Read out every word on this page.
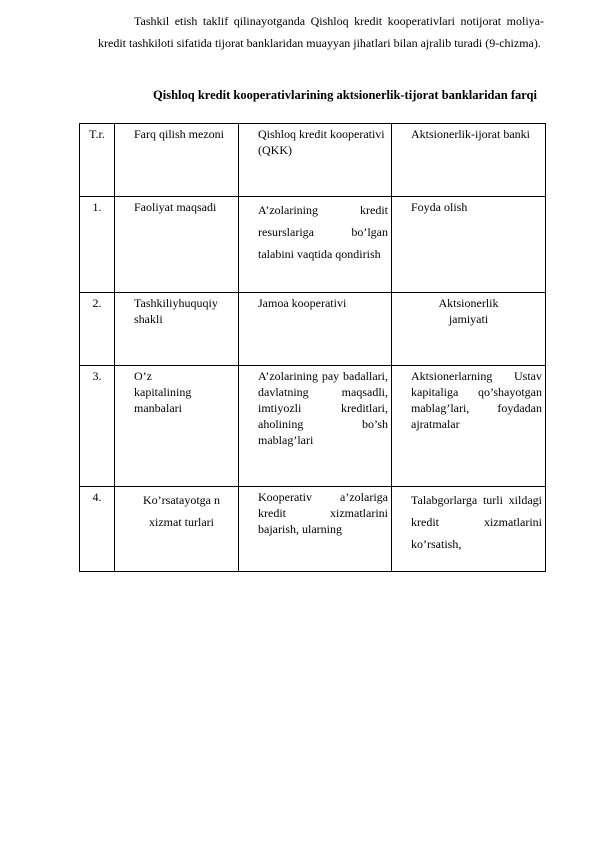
Tashkil etish taklif qilinayotganda Qishloq kredit kooperativlari notijorat moliya-kredit tashkiloti sifatida tijorat banklaridan muayyan jihatlari bilan ajralib turadi (9-chizma).

Qishloq kredit kooperativlarining aktsionerlik-tijorat banklaridan farqi

T.r.	Farq qilish mezoni	Qishloq kredit kooperativi (QKK)	Aktsionerlik-ijorat banki

1.	Faoliyat maqsadi	A’zolarining kredit resurslariga bo’lgan talabini vaqtida qondirish	Foyda olish

2.	Tashkiliyhuquqiy shakli	Jamoa kooperativi	Aktsionerlik jamiyati

3.	O’z kapitalining manbalari	A’zolarining pay badallari, davlatning maqsadli, imtiyozli kreditlari, aholining bo’sh mablag’lari	Aktsionerlarning Ustav kapitaliga qo’shayotgan mablag’lari, foydadan ajratmalar

4.	Ko’rsatayotga n xizmat turlari	Kooperativ a’zolariga kredit xizmatlarini bajarish, ularning	Talabgorlarga turli xildagi kredit xizmatlarini ko’rsatish,
